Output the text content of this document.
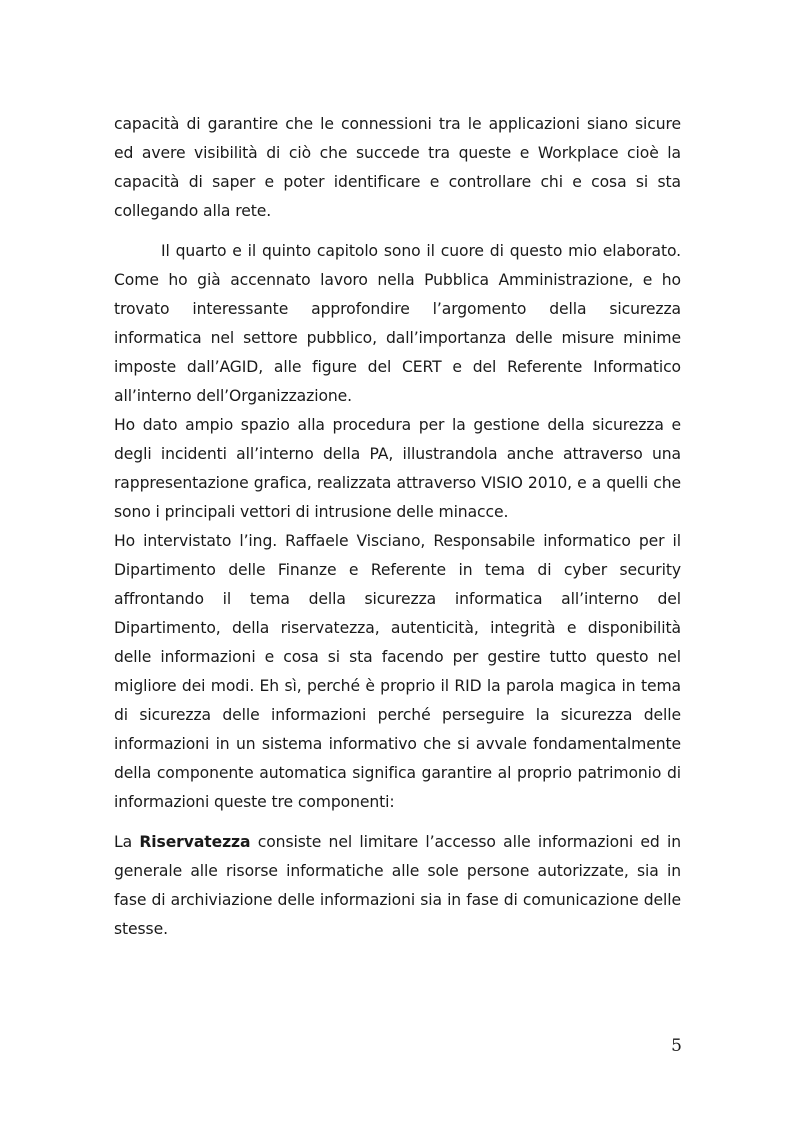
capacità di garantire che le connessioni tra le applicazioni siano sicure ed avere visibilità di ciò che succede tra queste e Workplace cioè la capacità di saper e poter identificare e controllare chi e cosa si sta collegando alla rete.

Il quarto e il quinto capitolo sono il cuore di questo mio elaborato. Come ho già accennato lavoro nella Pubblica Amministrazione, e ho trovato interessante approfondire l’argomento della sicurezza informatica nel settore pubblico, dall’importanza delle misure minime imposte dall’AGID, alle figure del CERT e del Referente Informatico all’interno dell’Organizzazione.

Ho dato ampio spazio alla procedura per la gestione della sicurezza e degli incidenti all’interno della PA, illustrandola anche attraverso una rappresentazione grafica, realizzata attraverso VISIO 2010, e a quelli che sono i principali vettori di intrusione delle minacce.

Ho intervistato l’ing. Raffaele Visciano, Responsabile informatico per il Dipartimento delle Finanze e Referente in tema di cyber security affrontando il tema della sicurezza informatica all’interno del Dipartimento, della riservatezza, autenticità, integrità e disponibilità delle informazioni e cosa si sta facendo per gestire tutto questo nel migliore dei modi. Eh sì, perché è proprio il RID la parola magica in tema di sicurezza delle informazioni perché perseguire la sicurezza delle informazioni in un sistema informativo che si avvale fondamentalmente della componente automatica significa garantire al proprio patrimonio di informazioni queste tre componenti:

La Riservatezza consiste nel limitare l’accesso alle informazioni ed in generale alle risorse informatiche alle sole persone autorizzate, sia in fase di archiviazione delle informazioni sia in fase di comunicazione delle stesse.

5
